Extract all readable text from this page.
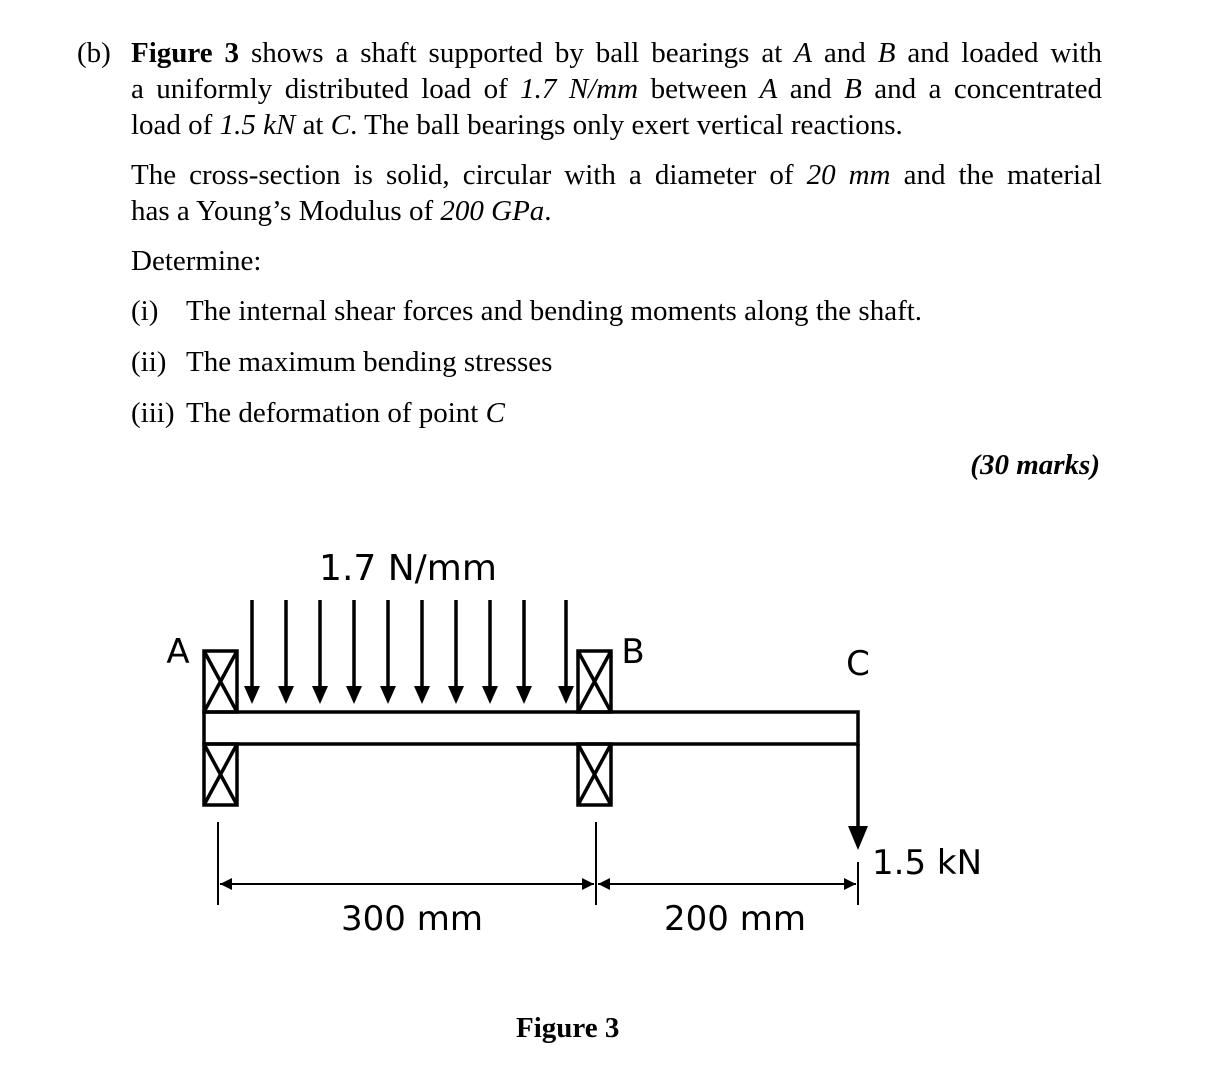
(b) Figure 3 shows a shaft supported by ball bearings at A and B and loaded with
a uniformly distributed load of 1.7 N/mm between A and B and a concentrated
load of 1.5 kN at C. The ball bearings only exert vertical reactions.
The cross-section is solid, circular with a diameter of 20 mm and the material
has a Young’s Modulus of 200 GPa.
Determine:
(i) The internal shear forces and bending moments along the shaft.
(ii) The maximum bending stresses
(iii) The deformation of point C
(30 marks)
1.7 N/mm
A	B	C
1.5 kN
300 mm	200 mm
Figure 3
